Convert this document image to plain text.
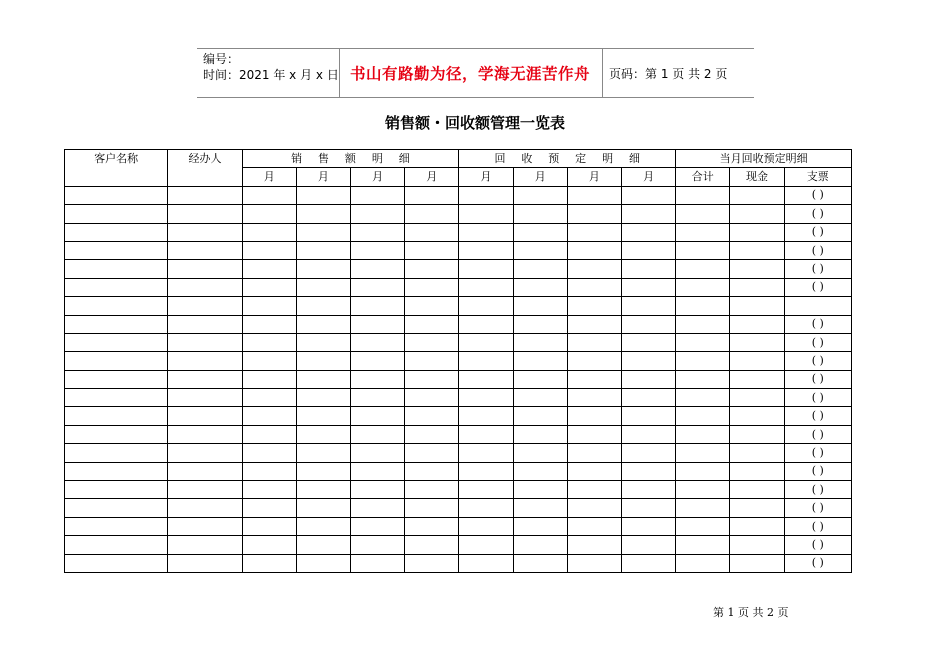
编号：
时间：2021 年 x 月 x 日 书山有路勤为径，学海无涯苦作舟	页码：第 1 页 共 2 页
销售额・回收额管理一览表
客户名称	经办人	销 售 额 明 细				回 收 预 定 明 细				当月回收预定明细		
		月	月	月	月	月	月	月	月	合计	现金	支票
												( )
												( )
												( )
												( )
												( )
												( )

												( )
												( )
												( )
												( )
												( )
												( )
												( )
												( )
												( )
												( )
												( )
												( )
												( )
												( )
第 1 页 共 2 页
